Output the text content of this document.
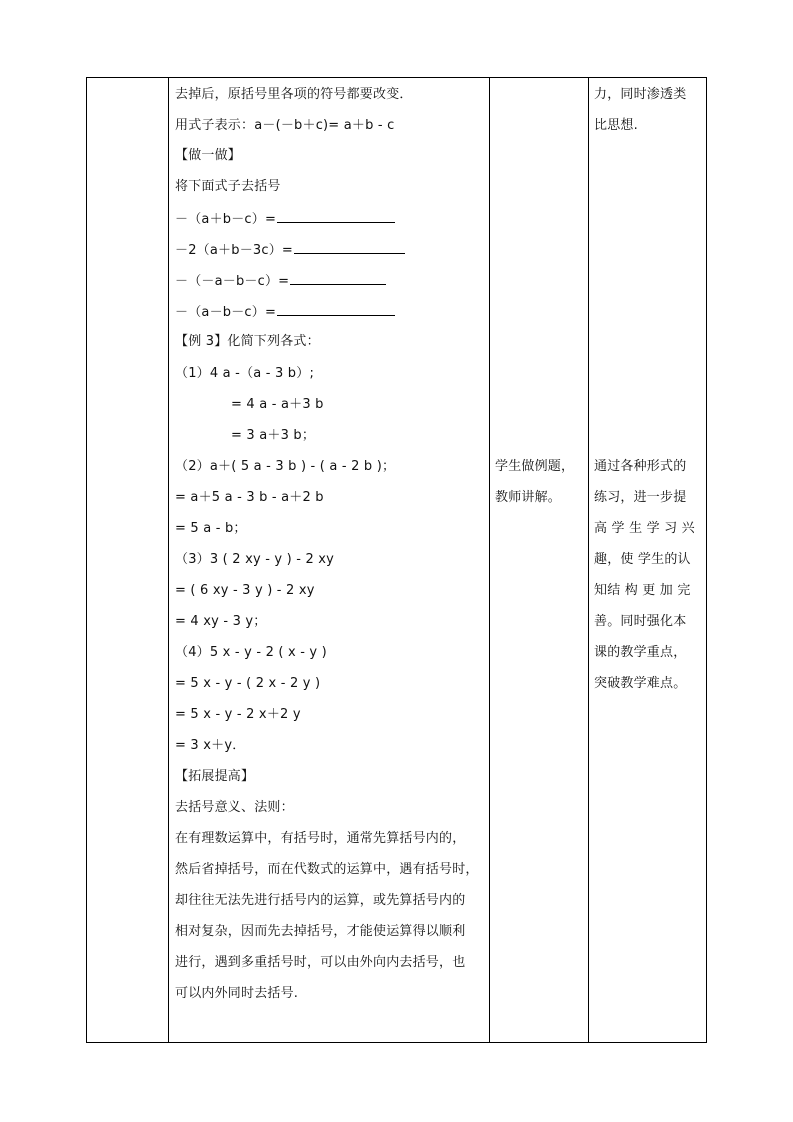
去掉后，原括号里各项的符号都要改变．
用式子表示：a－(－b＋c)= a＋b - c
【做一做】
将下面式子去括号
－（a＋b－c）=
－2（a＋b－3c）=
－（－a－b－c）=
－（a－b－c）=
【例 3】化简下列各式：
（1）4 a -（a - 3 b）;
= 4 a - a＋3 b
= 3 a＋3 b；
（2）a＋( 5 a - 3 b ) - ( a - 2 b )；
= a＋5 a - 3 b - a＋2 b
= 5 a - b；
（3）3 ( 2 xy - y ) - 2 xy
= ( 6 xy - 3 y ) - 2 xy
= 4 xy - 3 y；
（4）5 x - y - 2 ( x - y )
= 5 x - y - ( 2 x - 2 y )
= 5 x - y - 2 x＋2 y
= 3 x＋y．
【拓展提高】
去括号意义、法则：
在有理数运算中，有括号时，通常先算括号内的，
然后省掉括号，而在代数式的运算中，遇有括号时，
却往往无法先进行括号内的运算，或先算括号内的
相对复杂，因而先去掉括号，才能使运算得以顺利
进行，遇到多重括号时，可以由外向内去括号，也
可以内外同时去括号.
学生做例题，
教师讲解。
力，同时渗透类
比思想.
通过各种形式的
练习，进一步提
高 学 生 学 习 兴
趣，使 学生的认
知结 构 更 加 完
善。同时强化本
课的教学重点，
突破教学难点。
